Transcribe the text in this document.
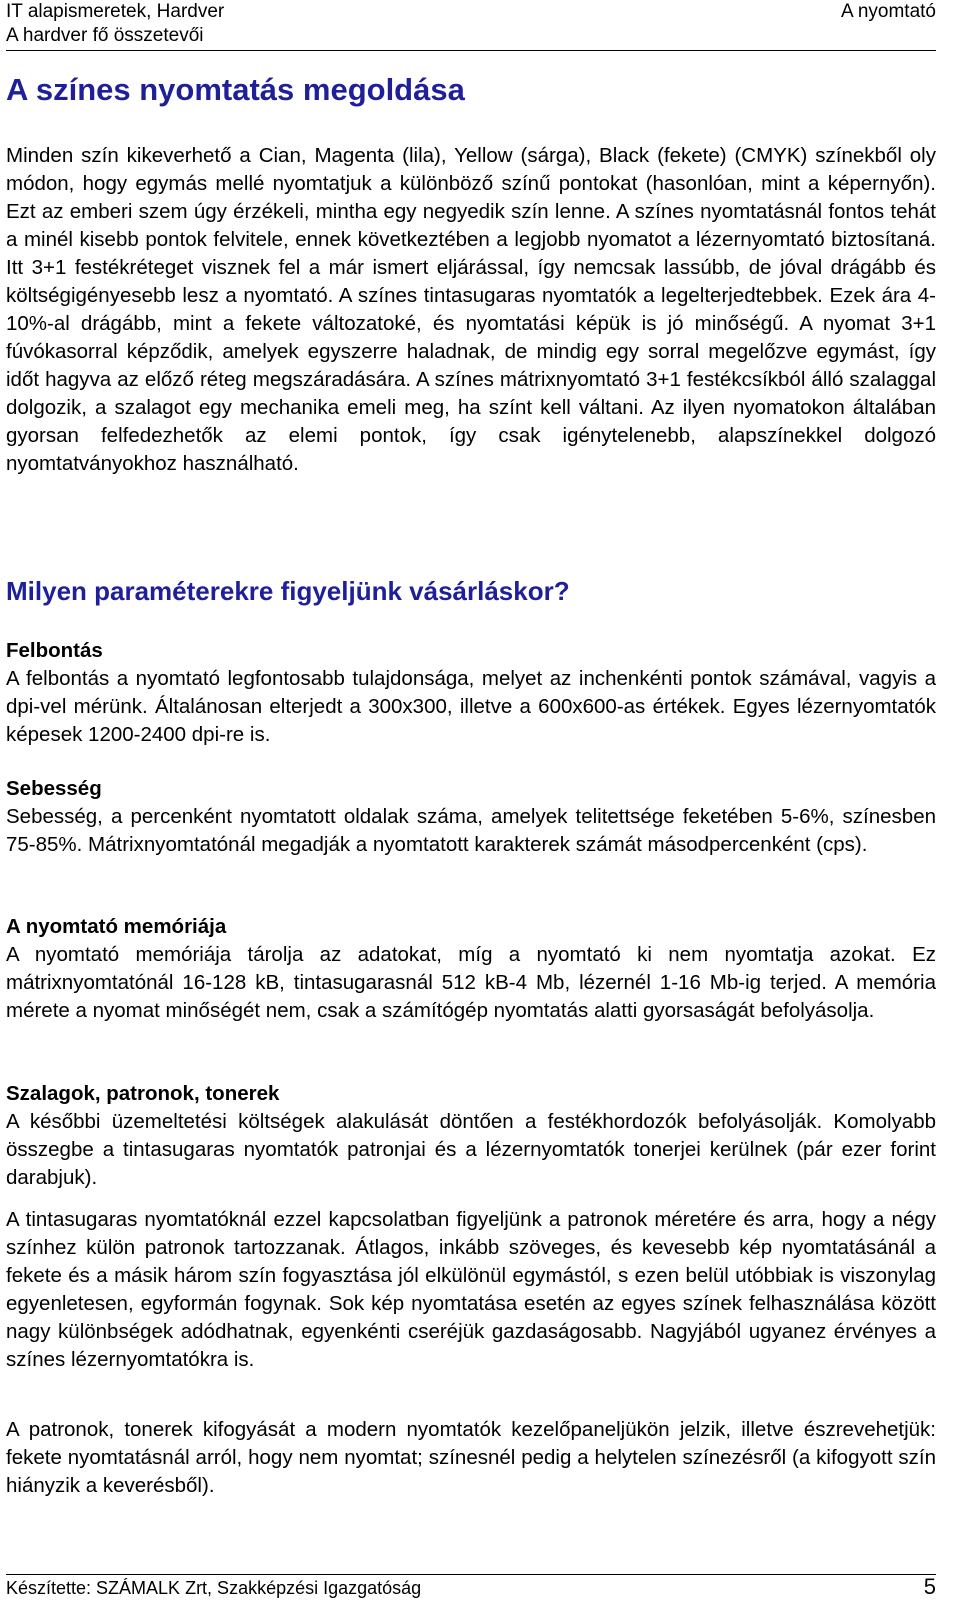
IT alapismeretek, Hardver
A hardver fő összetevői
A nyomtató
A színes nyomtatás megoldása

Minden szín kikeverhető a Cian, Magenta (lila), Yellow (sárga), Black (fekete) (CMYK) színekből oly módon, hogy egymás mellé nyomtatjuk a különböző színű pontokat (hasonlóan, mint a képernyőn). Ezt az emberi szem úgy érzékeli, mintha egy negyedik szín lenne. A színes nyomtatásnál fontos tehát a minél kisebb pontok felvitele, ennek következtében a legjobb nyomatot a lézernyomtató biztosítaná. Itt 3+1 festékréteget visznek fel a már ismert eljárással, így nemcsak lassúbb, de jóval drágább és költségigényesebb lesz a nyomtató. A színes tintasugaras nyomtatók a legelterjedtebbek. Ezek ára 4-10%-al drágább, mint a fekete változatoké, és nyomtatási képük is jó minőségű. A nyomat 3+1 fúvókasorral képződik, amelyek egyszerre haladnak, de mindig egy sorral megelőzve egymást, így időt hagyva az előző réteg megszáradására. A színes mátrixnyomtató 3+1 festékcsíkból álló szalaggal dolgozik, a szalagot egy mechanika emeli meg, ha színt kell váltani. Az ilyen nyomatokon általában gyorsan felfedezhetők az elemi pontok, így csak igénytelenebb, alapszínekkel dolgozó nyomtatványokhoz használható.

Milyen paraméterekre figyeljünk vásárláskor?
Felbontás

A felbontás a nyomtató legfontosabb tulajdonsága, melyet az inchenkénti pontok számával, vagyis a dpi-vel mérünk. Általánosan elterjedt a 300x300, illetve a 600x600-as értékek. Egyes lézernyomtatók képesek 1200-2400 dpi-re is.

Sebesség

Sebesség, a percenként nyomtatott oldalak száma, amelyek telitettsége feketében 5-6%, színesben 75-85%. Mátrixnyomtatónál megadják a nyomtatott karakterek számát másodpercenként (cps).

A nyomtató memóriája

A nyomtató memóriája tárolja az adatokat, míg a nyomtató ki nem nyomtatja azokat. Ez mátrixnyomtatónál 16-128 kB, tintasugarasnál 512 kB-4 Mb, lézernél 1-16 Mb-ig terjed. A memória mérete a nyomat minőségét nem, csak a számítógép nyomtatás alatti gyorsaságát befolyásolja.

Szalagok, patronok, tonerek

A későbbi üzemeltetési költségek alakulását döntően a festékhordozók befolyásolják. Komolyabb összegbe a tintasugaras nyomtatók patronjai és a lézernyomtatók tonerjei kerülnek (pár ezer forint darabjuk).

A tintasugaras nyomtatóknál ezzel kapcsolatban figyeljünk a patronok méretére és arra, hogy a négy színhez külön patronok tartozzanak. Átlagos, inkább szöveges, és kevesebb kép nyomtatásánál a fekete és a másik három szín fogyasztása jól elkülönül egymástól, s ezen belül utóbbiak is viszonylag egyenletesen, egyformán fogynak. Sok kép nyomtatása esetén az egyes színek felhasználása között nagy különbségek adódhatnak, egyenkénti cseréjük gazdaságosabb. Nagyjából ugyanez érvényes a színes lézernyomtatókra is.

A patronok, tonerek kifogyását a modern nyomtatók kezelőpaneljükön jelzik, illetve észrevehetjük: fekete nyomtatásnál arról, hogy nem nyomtat; színesnél pedig a helytelen színezésről (a kifogyott szín hiányzik a keverésből).

Készítette: SZÁMALK Zrt, Szakképzési Igazgatóság	5
